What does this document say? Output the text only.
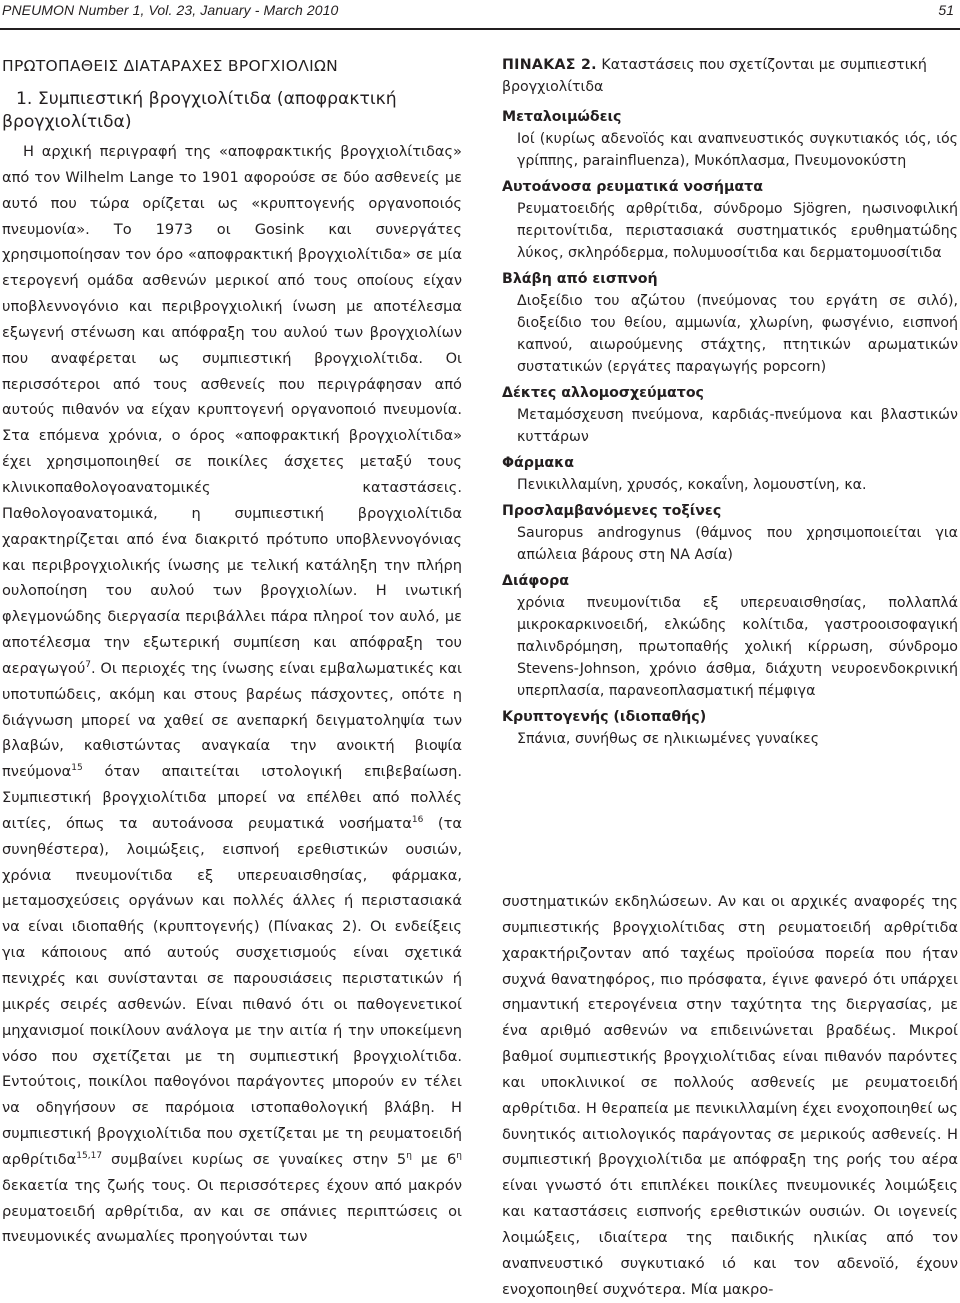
PNEUMON Number 1, Vol. 23, January - March 2010	51
ΠΡΩΤΟΠΑΘΕΙΣ ΔΙΑΤΑΡΑΧΕΣ ΒΡΟΓΧΙΟΛΙΩΝ
1. Συμπιεστική βρογχιολίτιδα (αποφρακτική βρογχιολίτιδα)

Η αρχική περιγραφή της «αποφρακτικής βρογχιολίτιδας» από τον Wilhelm Lange το 1901 αφορούσε σε δύο ασθενείς με αυτό που τώρα ορίζεται ως «κρυπτογενής οργανοποιός πνευμονία». Το 1973 οι Gosink και συνεργάτες χρησιμοποίησαν τον όρο «αποφρακτική βρογχιολίτιδα» σε μία ετερογενή ομάδα ασθενών μερικοί από τους οποίους είχαν υποβλεννογόνιο και περιβρογχιολική ίνωση με αποτέλεσμα εξωγενή στένωση και απόφραξη του αυλού των βρογχιολίων που αναφέρεται ως συμπιεστική βρογχιολίτιδα. Οι περισσότεροι από τους ασθενείς που περιγράφησαν από αυτούς πιθανόν να είχαν κρυπτογενή οργανοποιό πνευμονία. Στα επόμενα χρόνια, ο όρος «αποφρακτική βρογχιολίτιδα» έχει χρησιμοποιηθεί σε ποικίλες άσχετες μεταξύ τους κλινικοπαθολογοανατομικές καταστάσεις. Παθολογοανατομικά, η συμπιεστική βρογχιολίτιδα χαρακτηρίζεται από ένα διακριτό πρότυπο υποβλεννογόνιας και περιβρογχιολικής ίνωσης με τελική κατάληξη την πλήρη ουλοποίηση του αυλού των βρογχιολίων. Η ινωτική φλεγμονώδης διεργασία περιβάλλει πάρα πληροί τον αυλό, με αποτέλεσμα την εξωτερική συμπίεση και απόφραξη του αεραγωγού$^7$. Οι περιοχές της ίνωσης είναι εμβαλωματικές και υποτυπώδεις, ακόμη και στους βαρέως πάσχοντες, οπότε η διάγνωση μπορεί να χαθεί σε ανεπαρκή δειγματοληψία των βλαβών, καθιστώντας αναγκαία την ανοικτή βιοψία πνεύμονα$^{15}$ όταν απαιτείται ιστολογική επιβεβαίωση. Συμπιεστική βρογχιολίτιδα μπορεί να επέλθει από πολλές αιτίες, όπως τα αυτοάνοσα ρευματικά νοσήματα$^{16}$ (τα συνηθέστερα), λοιμώξεις, εισπνοή ερεθιστικών ουσιών, χρόνια πνευμονίτιδα εξ υπερευαισθησίας, φάρμακα, μεταμοσχεύσεις οργάνων και πολλές άλλες ή περιστασιακά να είναι ιδιοπαθής (κρυπτογενής) (Πίνακας 2). Οι ενδείξεις για κάποιους από αυτούς συσχετισμούς είναι σχετικά πενιχρές και συνίστανται σε παρουσιάσεις περιστατικών ή μικρές σειρές ασθενών. Είναι πιθανό ότι οι παθογενετικοί μηχανισμοί ποικίλουν ανάλογα με την αιτία ή την υποκείμενη νόσο που σχετίζεται με τη συμπιεστική βρογχιολίτιδα. Εντούτοις, ποικίλοι παθογόνοι παράγοντες μπορούν εν τέλει να οδηγήσουν σε παρόμοια ιστοπαθολογική βλάβη. Η συμπιεστική βρογχιολίτιδα που σχετίζεται με τη ρευματοειδή αρθρίτιδα$^{15,17}$ συμβαίνει κυρίως σε γυναίκες στην $5^\eta$ με $6^\eta$ δεκαετία της ζωής τους. Οι περισσότερες έχουν από μακρόν ρευματοειδή αρθρίτιδα, αν και σε σπάνιες περιπτώσεις οι πνευμονικές ανωμαλίες προηγούνται των

ΠΙΝΑΚΑΣ 2. Καταστάσεις που σχετίζονται με συμπιεστική βρογχιολίτιδα

Μεταλοιμώδεις

Ιοί (κυρίως αδενοϊός και αναπνευστικός συγκυτιακός ιός, ιός γρίππης, parainfluenza), Μυκόπλασμα, Πνευμονοκύστη

Αυτοάνοσα ρευματικά νοσήματα

Ρευματοειδής αρθρίτιδα, σύνδρομο Sjögren, ηωσινοφιλική περιτονίτιδα, περιστασιακά συστηματικός ερυθηματώδης λύκος, σκληρόδερμα, πολυμυοσίτιδα και δερματομυοσίτιδα

Βλάβη από εισπνοή

Διοξείδιο του αζώτου (πνεύμονας του εργάτη σε σιλό), διοξείδιο του θείου, αμμωνία, χλωρίνη, φωσγένιο, εισπνοή καπνού, αιωρούμενης στάχτης, πτητικών αρωματικών συστατικών (εργάτες παραγωγής popcorn)

Δέκτες αλλομοσχεύματος

Μεταμόσχευση πνεύμονα, καρδιάς-πνεύμονα και βλαστικών κυττάρων

Φάρμακα

Πενικιλλαμίνη, χρυσός, κοκαΐνη, λομουστίνη, κα.

Προσλαμβανόμενες τοξίνες

Sauropus androgynus (θάμνος που χρησιμοποιείται για απώλεια βάρους στη ΝΑ Ασία)

Διάφορα

χρόνια πνευμονίτιδα εξ υπερευαισθησίας, πολλαπλά μικροκαρκινοειδή, ελκώδης κολίτιδα, γαστροοισοφαγική παλινδρόμηση, πρωτοπαθής χολική κίρρωση, σύνδρομο Stevens-Johnson, χρόνιο άσθμα, διάχυτη νευροενδοκρινική υπερπλασία, παρανεοπλασματική πέμφιγα

Κρυπτογενής (ιδιοπαθής)

Σπάνια, συνήθως σε ηλικιωμένες γυναίκες

συστηματικών εκδηλώσεων. Αν και οι αρχικές αναφορές της συμπιεστικής βρογχιολίτιδας στη ρευματοειδή αρθρίτιδα χαρακτήριζονταν από ταχέως προϊούσα πορεία που ήταν συχνά θανατηφόρος, πιο πρόσφατα, έγινε φανερό ότι υπάρχει σημαντική ετερογένεια στην ταχύτητα της διεργασίας, με ένα αριθμό ασθενών να επιδεινώνεται βραδέως. Μικροί βαθμοί συμπιεστικής βρογχιολίτιδας είναι πιθανόν παρόντες και υποκλινικοί σε πολλούς ασθενείς με ρευματοειδή αρθρίτιδα. Η θεραπεία με πενικιλλαμίνη έχει ενοχοποιηθεί ως δυνητικός αιτιολογικός παράγοντας σε μερικούς ασθενείς. Η συμπιεστική βρογχιολίτιδα με απόφραξη της ροής του αέρα είναι γνωστό ότι επιπλέκει ποικίλες πνευμονικές λοιμώξεις και καταστάσεις εισπνοής ερεθιστικών ουσιών. Οι ιογενείς λοιμώξεις, ιδιαίτερα της παιδικής ηλικίας από τον αναπνευστικό συγκυτιακό ιό και τον αδενοϊό, έχουν ενοχοποιηθεί συχνότερα. Μία μακρο-
